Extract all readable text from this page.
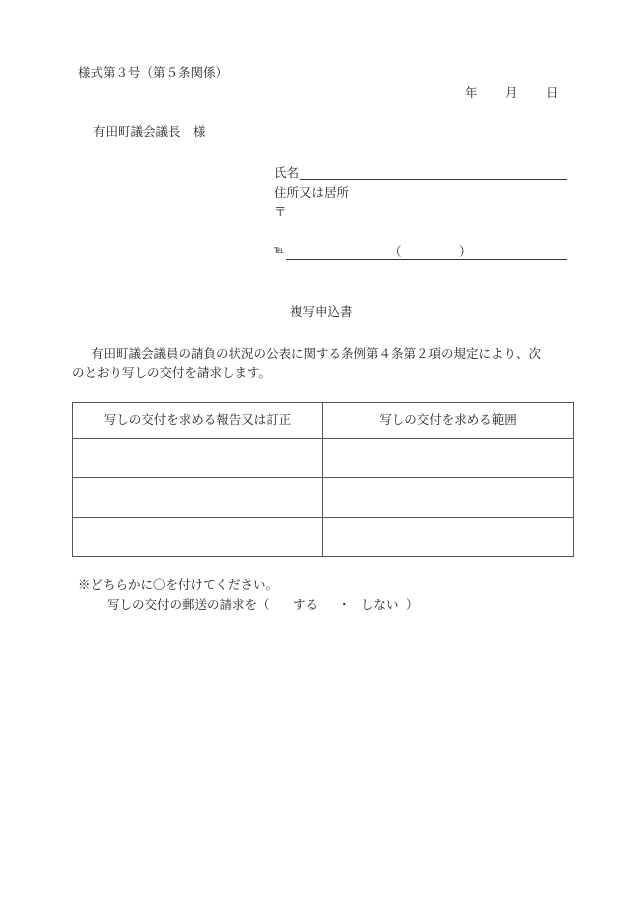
様式第３号（第５条関係）
年 月 日
有田町議会議長　様
氏名
住所又は居所
〒
℡	（	）
複写申込書
有田町議会議員の請負の状況の公表に関する条例第４条第２項の規定により、次
のとおり写しの交付を請求します。
写しの交付を求める報告又は訂正	写しの交付を求める範囲

※どちらかに〇を付けてください。
写しの交付の郵送の請求を（ する ・ しない ）
